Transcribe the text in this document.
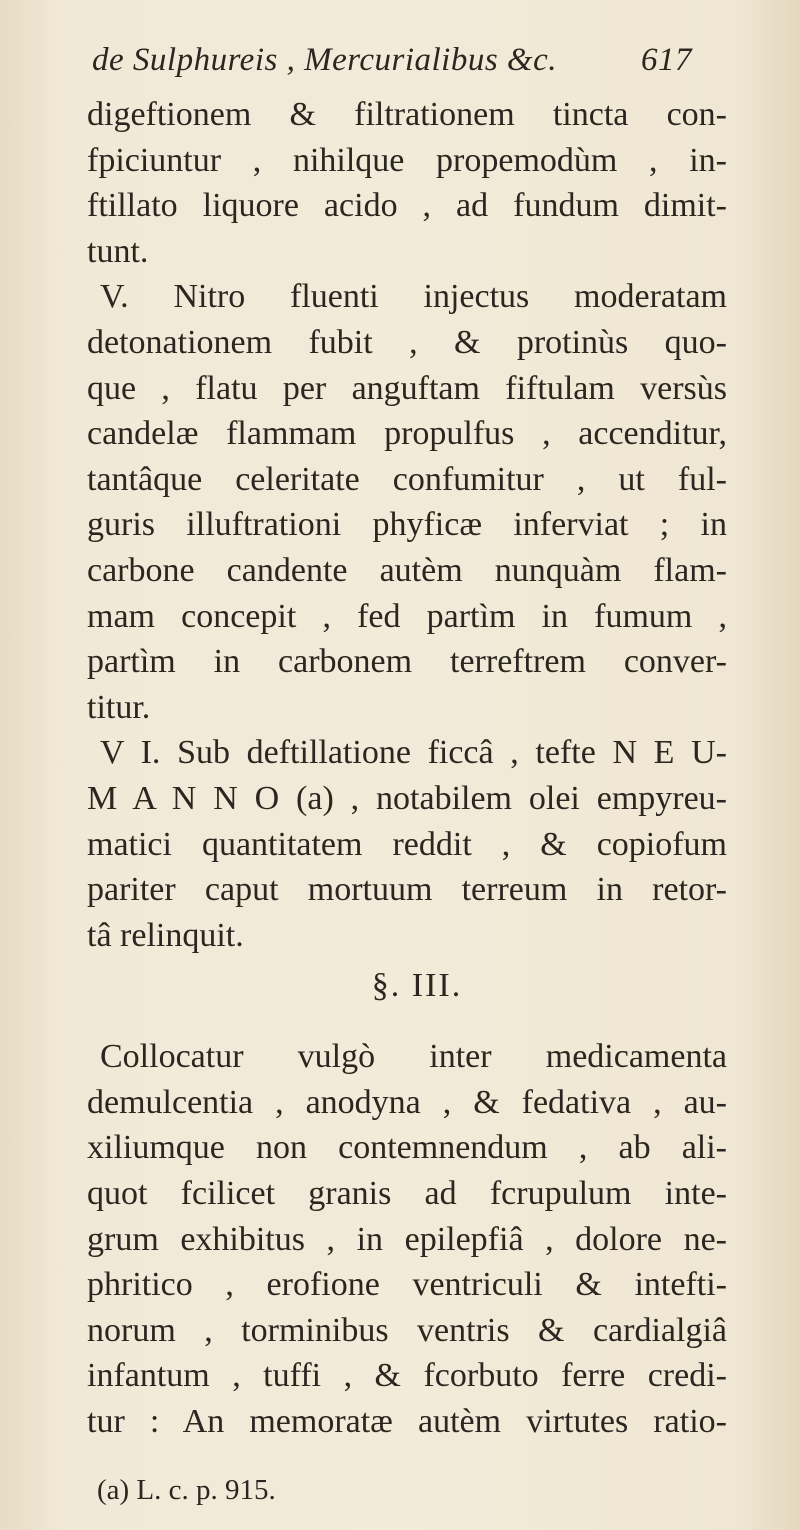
de Sulphureis , Mercurialibus &c.	617
digeftionem & filtrationem tincta con-
fpiciuntur , nihilque propemodùm , in-
ftillato liquore acido , ad fundum dimit-
tunt.
V. Nitro fluenti injectus moderatam
detonationem fubit , & protinùs quo-
que , flatu per anguftam fiftulam versùs
candelæ flammam propulfus , accenditur,
tantâque celeritate confumitur , ut ful-
guris illuftrationi phyficæ inferviat ; in
carbone candente autèm nunquàm flam-
mam concepit , fed partìm in fumum ,
partìm in carbonem terreftrem conver-
titur.
V I. Sub deftillatione ficcâ , tefte N E U-
M A N N O (a) , notabilem olei empyreu-
matici quantitatem reddit , & copiofum
pariter caput mortuum terreum in retor-
tâ relinquit.
§. III.
Collocatur vulgò inter medicamenta
demulcentia , anodyna , & fedativa , au-
xiliumque non contemnendum , ab ali-
quot fcilicet granis ad fcrupulum inte-
grum exhibitus , in epilepfiâ , dolore ne-
phritico , erofione ventriculi & intefti-
norum , torminibus ventris & cardialgiâ
infantum , tuffi , & fcorbuto ferre credi-
tur : An memoratæ autèm virtutes ratio-
(a) L. c. p. 915.
